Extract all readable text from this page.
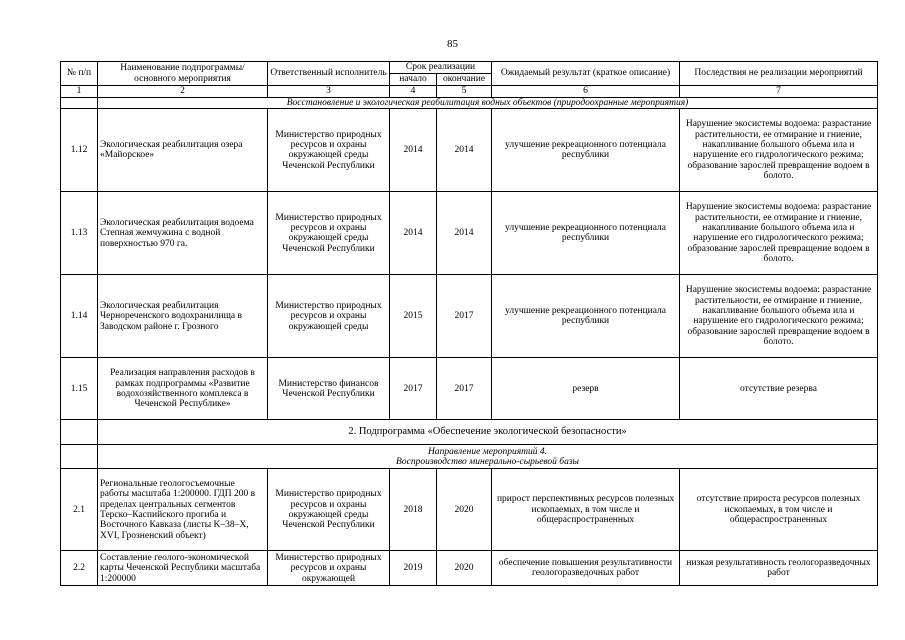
85
№ п/п	Наименование подпрограммы/ основного мероприятия	Ответственный исполнитель	Срок реализации		Ожидаемый результат (краткое описание)	Последствия не реализации мероприятий
			начало	окончание		
1	2	3	4	5	6	7
	Восстановление и экологическая реабилитация водных объектов (природоохранные мероприятия)					
1.12	Экологическая реабилитация озера «Майорское»	Министерство природных ресурсов и охраны окружающей среды Чеченской Республики	2014	2014	улучшение рекреационного потенциала республики	Нарушение экосистемы водоема: разрастание растительности, ее отмирание и гниение, накапливание большого объема ила и нарушение его гидрологического режима; образование зарослей превращение водоем в болото.
1.13	Экологическая реабилитация водоема Степная жемчужина с водной поверхностью 970 га.	Министерство природных ресурсов и охраны окружающей среды Чеченской Республики	2014	2014	улучшение рекреационного потенциала республики	Нарушение экосистемы водоема: разрастание растительности, ее отмирание и гниение, накапливание большого объема ила и нарушение его гидрологического режима; образование зарослей превращение водоем в болото.
1.14	Экологическая реабилитация Чернореченского водохранилища в Заводском районе г. Грозного	Министерство природных ресурсов и охраны окружающей среды	2015	2017	улучшение рекреационного потенциала республики	Нарушение экосистемы водоема: разрастание растительности, ее отмирание и гниение, накапливание большого объема ила и нарушение его гидрологического режима; образование зарослей превращение водоем в болото.
1.15	Реализация направления расходов в рамках подпрограммы «Развитие водохозяйственного комплекса в Чеченской Республике»	Министерство финансов Чеченской Республики	2017	2017	резерв	отсутствие резерва
	2. Подпрограмма «Обеспечение экологической безопасности»					
	Направление мероприятий 4.
Воспроизводство минерально-сырьевой базы					
2.1	Региональные геологосъемочные работы масштаба 1:200000. ГДП 200 в пределах центральных сегментов Терско–Каспийского прогиба и Восточного Кавказа (листы K–38–X, XVI, Грозненский объект)	Министерство природных ресурсов и охраны окружающей среды Чеченской Республики	2018	2020	прирост перспективных ресурсов полезных ископаемых, в том числе и общераспространенных	отсутствие прироста ресурсов полезных ископаемых, в том числе и общераспространенных
2.2	Составление геолого-экономической карты Чеченской Республики масштаба 1:200000	Министерство природных ресурсов и охраны окружающей	2019	2020	обеспечение повышения результативности геологоразведочных работ	низкая результативность геологоразведочных работ
